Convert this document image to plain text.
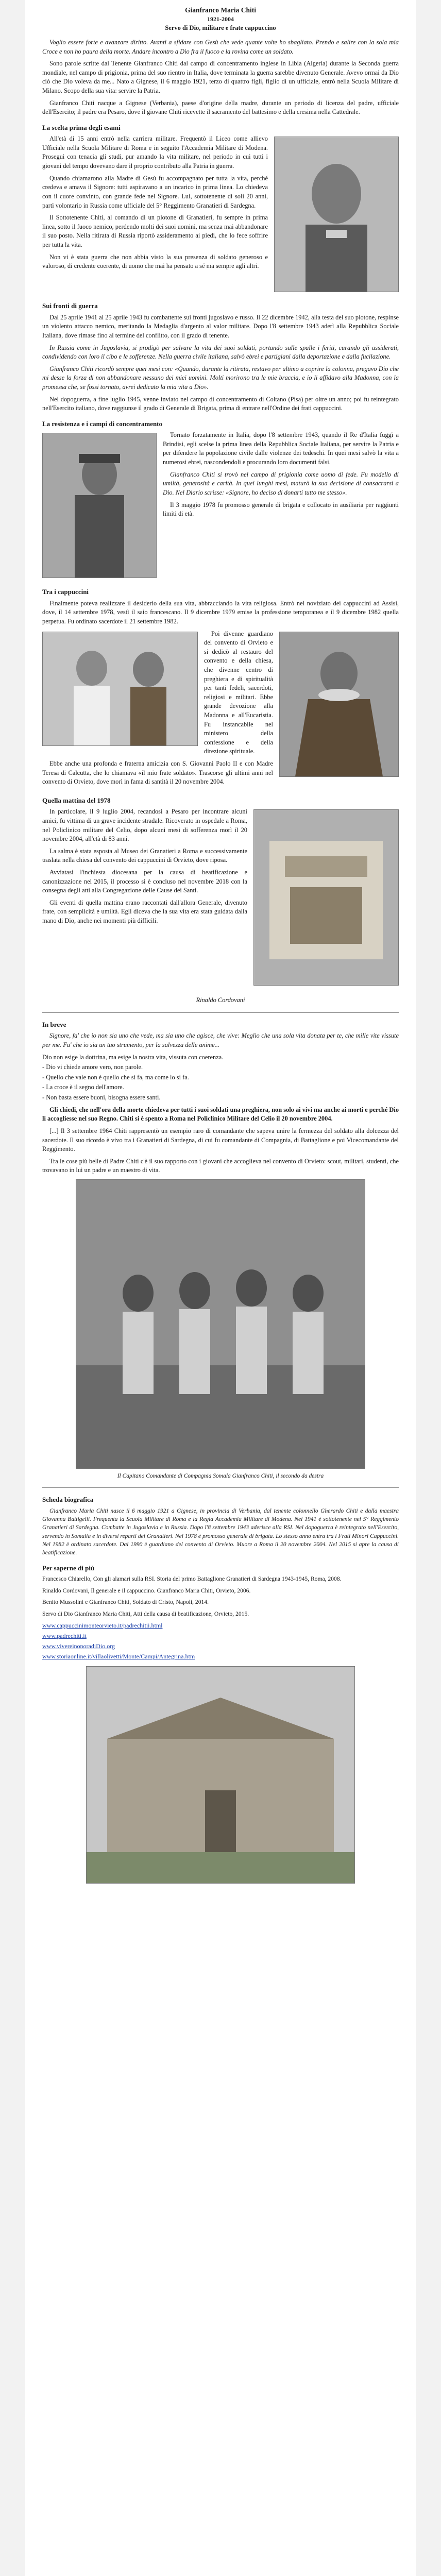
Gianfranco Maria Chiti
1921-2004
Servo di Dio, militare e frate cappuccino

Voglio essere forte e avanzare diritto. Avanti a sfidare con Gesù che vede quante volte ho sbagliato. Prendo e salire con la sola mia Croce e non ho paura della morte. Andare incontro a Dio fra il fuoco e la rovina come un soldato.

Sono parole scritte dal Tenente Gianfranco Chiti dal campo di concentramento inglese in Libia (Algeria) durante la Seconda guerra mondiale, nel campo di prigionia, prima del suo rientro in Italia, dove terminata la guerra sarebbe divenuto Generale. Avevo ormai da Dio ciò che Dio voleva da me... Nato a Gignese, il 6 maggio 1921, terzo di quattro figli, figlio di un ufficiale, entrò nella Scuola Militare di Milano. Scopo della sua vita: servire la Patria.

Gianfranco Chiti nacque a Gignese (Verbania), paese d'origine della madre, durante un periodo di licenza del padre, ufficiale dell'Esercito; il padre era Pesaro, dove il giovane Chiti ricevette il sacramento del battesimo e della cresima nella Cattedrale.

La scelta prima degli esami

All'età di 15 anni entrò nella carriera militare. Frequentò il Liceo come allievo Ufficiale nella Scuola Militare di Roma e in seguito l'Accademia Militare di Modena. Proseguì con tenacia gli studi, pur amando la vita militare, nel periodo in cui tutti i giovani del tempo dovevano dare il proprio contributo alla Patria in guerra.

Quando chiamarono alla Madre di Gesù fu accompagnato per tutta la vita, perché credeva e amava il Signore: tutti aspiravano a un incarico in prima linea. Lo chiedeva con il cuore convinto, con grande fede nel Signore. Lui, sottotenente di soli 20 anni, partì volontario in Russia come ufficiale del 5° Reggimento Granatieri di Sardegna.

Il Sottotenente Chiti, al comando di un plotone di Granatieri, fu sempre in prima linea, sotto il fuoco nemico, perdendo molti dei suoi uomini, ma senza mai abbandonare il suo posto. Nella ritirata di Russia riportò assideramento ai piedi, che lo fece soffrire per tutta la vita.

Non vi è stata guerra che non abbia visto la sua presenza di soldato generoso e valoroso, di credente coerente, di uomo che mai ha pensato a sé ma sempre agli altri.

Sui fronti di guerra

Dal 25 aprile 1941 al 25 aprile 1943 fu combattente sui fronti jugoslavo e russo. Il 22 dicembre 1942, alla testa del suo plotone, respinse un violento attacco nemico, meritando la Medaglia d'argento al valor militare. Dopo l'8 settembre 1943 aderì alla Repubblica Sociale Italiana, dove rimase fino al termine del conflitto, con il grado di tenente.

In Russia come in Jugoslavia, si prodigò per salvare la vita dei suoi soldati, portando sulle spalle i feriti, curando gli assiderati, condividendo con loro il cibo e le sofferenze. Nella guerra civile italiana, salvò ebrei e partigiani dalla deportazione e dalla fucilazione.

Gianfranco Chiti ricordò sempre quei mesi con: «Quando, durante la ritirata, restavo per ultimo a coprire la colonna, pregavo Dio che mi desse la forza di non abbandonare nessuno dei miei uomini. Molti morirono tra le mie braccia, e io li affidavo alla Madonna, con la promessa che, se fossi tornato, avrei dedicato la mia vita a Dio».

Nel dopoguerra, a fine luglio 1945, venne inviato nel campo di concentramento di Coltano (Pisa) per oltre un anno; poi fu reintegrato nell'Esercito italiano, dove raggiunse il grado di Generale di Brigata, prima di entrare nell'Ordine dei frati cappuccini.

La resistenza e i campi di concentramento

Tornato forzatamente in Italia, dopo l'8 settembre 1943, quando il Re d'Italia fuggì a Brindisi, egli scelse la prima linea della Repubblica Sociale Italiana, per servire la Patria e per difendere la popolazione civile dalle violenze dei tedeschi. In quei mesi salvò la vita a numerosi ebrei, nascondendoli e procurando loro documenti falsi.

Gianfranco Chiti si trovò nel campo di prigionia come uomo di fede. Fu modello di umiltà, generosità e carità. In quei lunghi mesi, maturò la sua decisione di consacrarsi a Dio. Nel Diario scrisse: «Signore, ho deciso di donarti tutto me stesso».

Il 3 maggio 1978 fu promosso generale di brigata e collocato in ausiliaria per raggiunti limiti di età.

Tra i cappuccini

Finalmente poteva realizzare il desiderio della sua vita, abbracciando la vita religiosa. Entrò nel noviziato dei cappuccini ad Assisi, dove, il 14 settembre 1978, vestì il saio francescano. Il 9 dicembre 1979 emise la professione temporanea e il 9 dicembre 1982 quella perpetua. Fu ordinato sacerdote il 21 settembre 1982.

Poi divenne guardiano del convento di Orvieto e si dedicò al restauro del convento e della chiesa, che divenne centro di preghiera e di spiritualità per tanti fedeli, sacerdoti, religiosi e militari. Ebbe grande devozione alla Madonna e all'Eucaristia. Fu instancabile nel ministero della confessione e della direzione spirituale.

Ebbe anche una profonda e fraterna amicizia con S. Giovanni Paolo II e con Madre Teresa di Calcutta, che lo chiamava «il mio frate soldato». Trascorse gli ultimi anni nel convento di Orvieto, dove morì in fama di santità il 20 novembre 2004.

Quella mattina del 1978

In particolare, il 9 luglio 2004, recandosi a Pesaro per incontrare alcuni amici, fu vittima di un grave incidente stradale. Ricoverato in ospedale a Roma, nel Policlinico militare del Celio, dopo alcuni mesi di sofferenza morì il 20 novembre 2004, all'età di 83 anni.

La salma è stata esposta al Museo dei Granatieri a Roma e successivamente traslata nella chiesa del convento dei cappuccini di Orvieto, dove riposa.

Avviatasi l'inchiesta diocesana per la causa di beatificazione e canonizzazione nel 2015, il processo si è concluso nel novembre 2018 con la consegna degli atti alla Congregazione delle Cause dei Santi.

Gli eventi di quella mattina erano raccontati dall'allora Generale, divenuto frate, con semplicità e umiltà. Egli diceva che la sua vita era stata guidata dalla mano di Dio, anche nei momenti più difficili.

Rinaldo Cordovani
In breve

Signore, fa' che io non sia uno che vede, ma sia uno che agisce, che vive: Meglio che una sola vita donata per te, che mille vite vissute per me. Fa' che io sia un tuo strumento, per la salvezza delle anime...

Dio non esige la dottrina, ma esige la nostra vita, vissuta con coerenza.
- Dio vi chiede amore vero, non parole.
- Quello che vale non è quello che si fa, ma come lo si fa.
- La croce è il segno dell'amore.
- Non basta essere buoni, bisogna essere santi.

Gli chiedi, che nell'ora della morte chiedeva per tutti i suoi soldati una preghiera, non solo ai vivi ma anche ai morti e perché Dio li accogliesse nel suo Regno. Chiti si è spento a Roma nel Policlinico Militare del Celio il 20 novembre 2004.

[...] Il 3 settembre 1964 Chiti rappresentò un esempio raro di comandante che sapeva unire la fermezza del soldato alla dolcezza del sacerdote. Il suo ricordo è vivo tra i Granatieri di Sardegna, di cui fu comandante di Compagnia, di Battaglione e poi Vicecomandante del Reggimento.

Tra le cose più belle di Padre Chiti c'è il suo rapporto con i giovani che accoglieva nel convento di Orvieto: scout, militari, studenti, che trovavano in lui un padre e un maestro di vita.

Il Capitano Comandante di Compagnia Somala Gianfranco Chiti, il secondo da destra
Scheda biografica

Gianfranco Maria Chiti nasce il 6 maggio 1921 a Gignese, in provincia di Verbania, dal tenente colonnello Gherardo Chiti e dalla maestra Giovanna Battigelli. Frequenta la Scuola Militare di Roma e la Regia Accademia Militare di Modena. Nel 1941 è sottotenente nel 5° Reggimento Granatieri di Sardegna. Combatte in Jugoslavia e in Russia. Dopo l'8 settembre 1943 aderisce alla RSI. Nel dopoguerra è reintegrato nell'Esercito, servendo in Somalia e in diversi reparti dei Granatieri. Nel 1978 è promosso generale di brigata. Lo stesso anno entra tra i Frati Minori Cappuccini. Nel 1982 è ordinato sacerdote. Dal 1990 è guardiano del convento di Orvieto. Muore a Roma il 20 novembre 2004. Nel 2015 si apre la causa di beatificazione.

Per saperne di più

Francesco Chiarello, Con gli alamari sulla RSI. Storia del primo Battaglione Granatieri di Sardegna 1943-1945, Roma, 2008.

Rinaldo Cordovani, Il generale e il cappuccino. Gianfranco Maria Chiti, Orvieto, 2006.

Benito Mussolini e Gianfranco Chiti, Soldato di Cristo, Napoli, 2014.

Servo di Dio Gianfranco Maria Chiti, Atti della causa di beatificazione, Orvieto, 2015.

www.cappuccinimonteorvieto.it/padrechitii.html
www.padrechiti.it
www.vivereinonoradiDio.org
www.storiaonline.it/villaolivetti/Monte/Campi/Antegrina.htm
